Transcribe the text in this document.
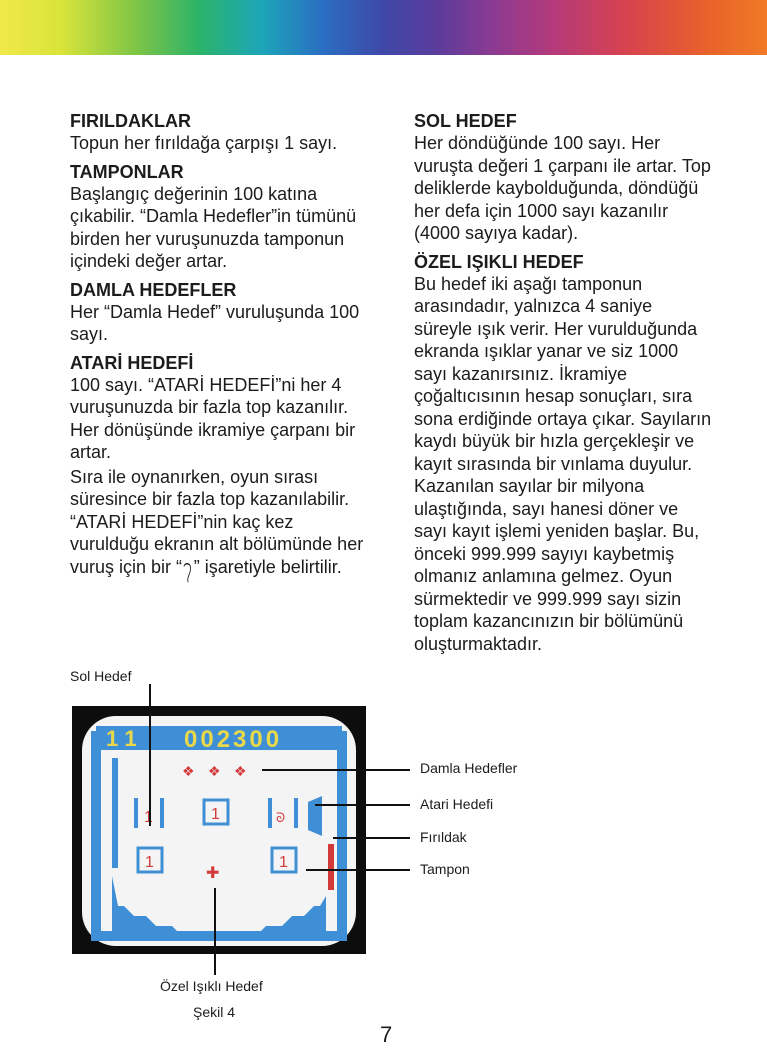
FIRILDAKLAR

Topun her fırıldağa çarpışı 1 sayı.

TAMPONLAR

Başlangıç değerinin 100 katına çıkabilir. “Damla Hedefler”in tümünü birden her vuruşunuzda tamponun içindeki değer artar.

DAMLA HEDEFLER

Her “Damla Hedef” vuruluşunda 100 sayı.

ATARİ HEDEFİ

100 sayı. “ATARİ HEDEFİ”ni her 4 vuruşunuzda bir fazla top kazanılır. Her dönüşünde ikramiye çarpanı bir artar.

Sıra ile oynanırken, oyun sırası süresince bir fazla top kazanılabilir. “ATARİ HEDEFİ”nin kaç kez vurulduğu ekranın alt bölümünde her vuruş için bir “᭢” işaretiyle belirtilir.

SOL HEDEF

Her döndüğünde 100 sayı. Her vuruşta değeri 1 çarpanı ile artar. Top deliklerde kaybolduğunda, döndüğü her defa için 1000 sayı kazanılır (4000 sayıya kadar).

ÖZEL IŞIKLI HEDEF

Bu hedef iki aşağı tamponun arasındadır, yalnızca 4 saniye süreyle ışık verir. Her vurulduğunda ekranda ışıklar yanar ve siz 1000 sayı kazanırsınız. İkramiye çoğaltıcısının hesap sonuçları, sıra sona erdiğinde ortaya çıkar. Sayıların kaydı büyük bir hızla gerçekleşir ve kayıt sırasında bir vınlama duyulur. Kazanılan sayılar bir milyona ulaştığında, sayı hanesi döner ve sayı kayıt işlemi yeniden başlar. Bu, önceki 999.999 sayıyı kaybetmiş olmanız anlamına gelmez. Oyun sürmektedir ve 999.999 sayı sizin toplam kazancınızın bir bölümünü oluşturmaktadır.

Sol Hedef
1 1 002300
❖ ❖ ❖
1	1	ᘐ
1	1
✚
Damla Hedefler
Atari Hedefi
Fırıldak
Tampon
Özel Işıklı Hedef
Şekil 4
7
